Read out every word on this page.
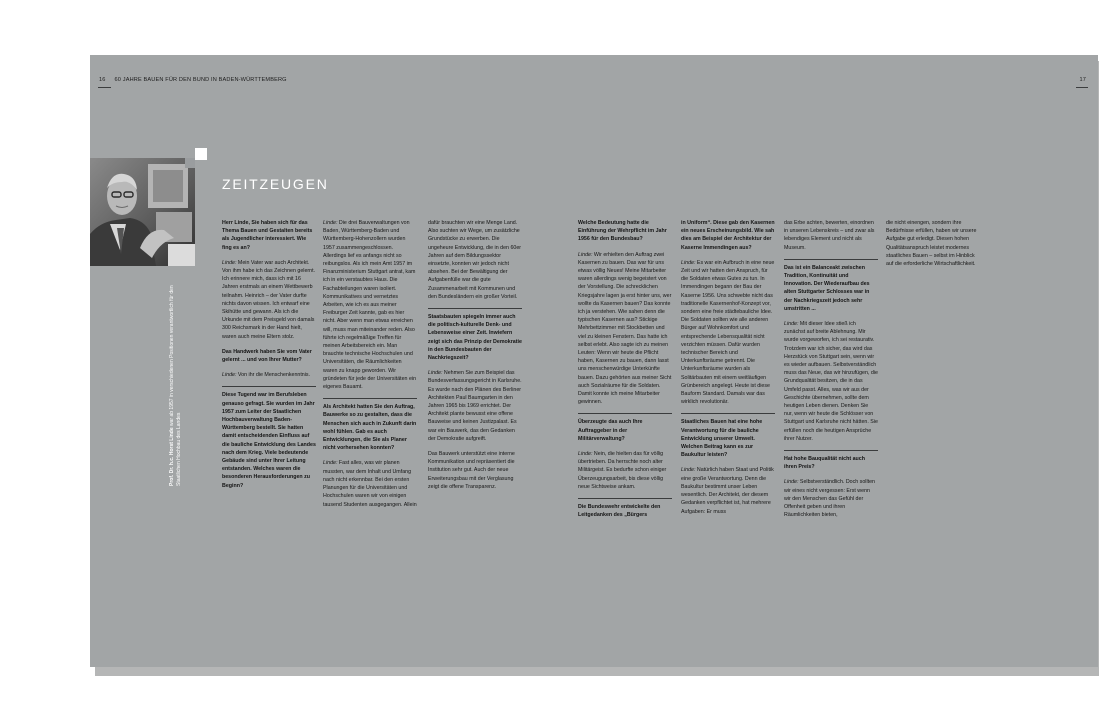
16 60 JAHRE BAUEN FÜR DEN BUND IN BADEN-WÜRTTEMBERG	17
Prof. Dr. h.c. Horst Linde war ab 1957 in verschiedenen Positionen verantwortlich für den Staatlichen Hochbau des Landes
ZEITZEUGEN

Herr Linde, Sie haben sich für das Thema Bauen und Gestalten bereits als Jugendlicher interessiert. Wie fing es an?

Linde: Mein Vater war auch Architekt. Von ihm habe ich das Zeichnen gelernt. Ich erinnere mich, dass ich mit 16 Jahren erstmals an einem Wettbewerb teilnahm. Heinrich – der Vater durfte nichts davon wissen. Ich entwarf eine Skihütte und gewann. Als ich die Urkunde mit dem Preisgeld von damals 300 Reichsmark in der Hand hielt, waren auch meine Eltern stolz.

Das Handwerk haben Sie vom Vater gelernt ... und von Ihrer Mutter?

Linde: Von ihr die Menschenkenntnis.

Diese Tugend war im Berufsleben genauso gefragt. Sie wurden im Jahr 1957 zum Leiter der Staatlichen Hochbauverwaltung Baden-Württemberg bestellt. Sie hatten damit entscheidenden Einfluss auf die bauliche Entwicklung des Landes nach dem Krieg. Viele bedeutende Gebäude sind unter Ihrer Leitung entstanden. Welches waren die besonderen Herausforderungen zu Beginn?

Linde: Die drei Bauverwaltungen von Baden, Württemberg-Baden und Württemberg-Hohenzollern wurden 1957 zusammengeschlossen. Allerdings lief es anfangs nicht so reibungslos. Als ich mein Amt 1957 im Finanzministerium Stuttgart antrat, kam ich in ein verstaubtes Haus. Die Fachabteilungen waren isoliert. Kommunikatives und vernetztes Arbeiten, wie ich es aus meiner Freiburger Zeit kannte, gab es hier nicht. Aber wenn man etwas erreichen will, muss man miteinander reden. Also führte ich regelmäßige Treffen für meinen Arbeitsbereich ein. Man brauchte technische Hochschulen und Universitäten, die Räumlichkeiten waren zu knapp geworden. Wir gründeten für jede der Universitäten ein eigenes Bauamt.

Als Architekt hatten Sie den Auftrag, Bauwerke so zu gestalten, dass die Menschen sich auch in Zukunft darin wohl fühlen. Gab es auch Entwicklungen, die Sie als Planer nicht vorhersehen konnten?

Linde: Fast alles, was wir planen mussten, war dem Inhalt und Umfang nach nicht erkennbar. Bei den ersten Planungen für die Universitäten und Hochschulen waren wir von einigen tausend Studenten ausgegangen. Allein

dafür brauchten wir eine Menge Land. Also suchten wir Wege, um zusätzliche Grundstücke zu erwerben. Die ungeheure Entwicklung, die in den 60er Jahren auf dem Bildungssektor einsetzte, konnten wir jedoch nicht absehen. Bei der Bewältigung der Aufgabenfülle war die gute Zusammenarbeit mit Kommunen und den Bundesländern ein großer Vorteil.

Staatsbauten spiegeln immer auch die politisch-kulturelle Denk- und Lebensweise einer Zeit. Inwiefern zeigt sich das Prinzip der Demokratie in den Bundesbauten der Nachkriegszeit?

Linde: Nehmen Sie zum Beispiel das Bundesverfassungsgericht in Karlsruhe. Es wurde nach den Plänen des Berliner Architekten Paul Baumgarten in den Jahren 1965 bis 1969 errichtet. Der Architekt plante bewusst eine offene Bauweise und keinen Justizpalast. Es war ein Bauwerk, das den Gedanken der Demokratie aufgreift.

Das Bauwerk unterstützt eine interne Kommunikation und repräsentiert die Institution sehr gut. Auch der neue Erweiterungsbau mit der Verglasung zeigt die offene Transparenz.

Welche Bedeutung hatte die Einführung der Wehrpflicht im Jahr 1956 für den Bundesbau?

Linde: Wir erhielten den Auftrag zwei Kasernen zu bauen. Das war für uns etwas völlig Neues! Meine Mitarbeiter waren allerdings wenig begeistert von der Vorstellung. Die schrecklichen Kriegsjahre lagen ja erst hinter uns, wer wollte da Kasernen bauen? Das konnte ich ja verstehen. Wie sahen denn die typischen Kasernen aus? Stickige Mehrbettzimmer mit Stockbetten und viel zu kleinen Fenstern. Das hatte ich selbst erlebt. Also sagte ich zu meinen Leuten: Wenn wir heute die Pflicht haben, Kasernen zu bauen, dann lasst uns menschenwürdige Unterkünfte bauen. Dazu gehörten aus meiner Sicht auch Sozialräume für die Soldaten. Damit konnte ich meine Mitarbeiter gewinnen.

Überzeugte das auch Ihre Auftraggeber in der Militärverwaltung?

Linde: Nein, die hielten das für völlig übertrieben. Da herrschte noch alter Militärgeist. Es bedurfte schon einiger Überzeugungsarbeit, bis diese völlig neue Sichtweise ankam.

Die Bundeswehr entwickelte den Leitgedanken des „Bürgers

in Uniform“. Diese gab den Kasernen ein neues Erscheinungsbild. Wie sah dies am Beispiel der Architektur der Kaserne Immendingen aus?

Linde: Es war ein Aufbruch in eine neue Zeit und wir hatten den Anspruch, für die Soldaten etwas Gutes zu tun. In Immendingen begann der Bau der Kaserne 1956. Uns schwebte nicht das traditionelle Kasernenhof-Konzept vor, sondern eine freie städtebauliche Idee. Die Soldaten sollten wie alle anderen Bürger auf Wohnkomfort und entsprechende Lebensqualität nicht verzichten müssen. Dafür wurden technischer Bereich und Unterkunftsräume getrennt. Die Unterkunftsräume wurden als Solitärbauten mit einem weitläufigen Grünbereich angelegt. Heute ist diese Bauform Standard. Damals war das wirklich revolutionär.

Staatliches Bauen hat eine hohe Verantwortung für die bauliche Entwicklung unserer Umwelt. Welchen Beitrag kann es zur Baukultur leisten?

Linde: Natürlich haben Staat und Politik eine große Verantwortung. Denn die Baukultur bestimmt unser Leben wesentlich. Der Architekt, der diesem Gedanken verpflichtet ist, hat mehrere Aufgaben: Er muss

das Erbe achten, bewerten, einordnen in unseren Lebenskreis – und zwar als lebendiges Element und nicht als Museum.

Das ist ein Balanceakt zwischen Tradition, Kontinuität und Innovation. Der Wiederaufbau des alten Stuttgarter Schlosses war in der Nachkriegszeit jedoch sehr umstritten ...

Linde: Mit dieser Idee stieß ich zunächst auf breite Ablehnung. Mir wurde vorgeworfen, ich sei restaurativ. Trotzdem war ich sicher, das wird das Herzstück von Stuttgart sein, wenn wir es wieder aufbauen. Selbstverständlich muss das Neue, das wir hinzufügen, die Grundqualität besitzen, die in das Umfeld passt. Alles, was wir aus der Geschichte übernehmen, sollte dem heutigen Leben dienen. Denken Sie nur, wenn wir heute die Schlösser von Stuttgart und Karlsruhe nicht hätten. Sie erfüllen noch die heutigen Ansprüche ihrer Nutzer.

Hat hohe Bauqualität nicht auch ihren Preis?

Linde: Selbstverständlich. Doch sollten wir eines nicht vergessen: Erst wenn wir den Menschen das Gefühl der Offenheit geben und ihren Räumlichkeiten bieten,

die nicht einengen, sondern ihre Bedürfnisse erfüllen, haben wir unsere Aufgabe gut erledigt. Diesen hohen Qualitätsanspruch leistet modernes staatliches Bauen – selbst im Hinblick auf die erforderliche Wirtschaftlichkeit.
